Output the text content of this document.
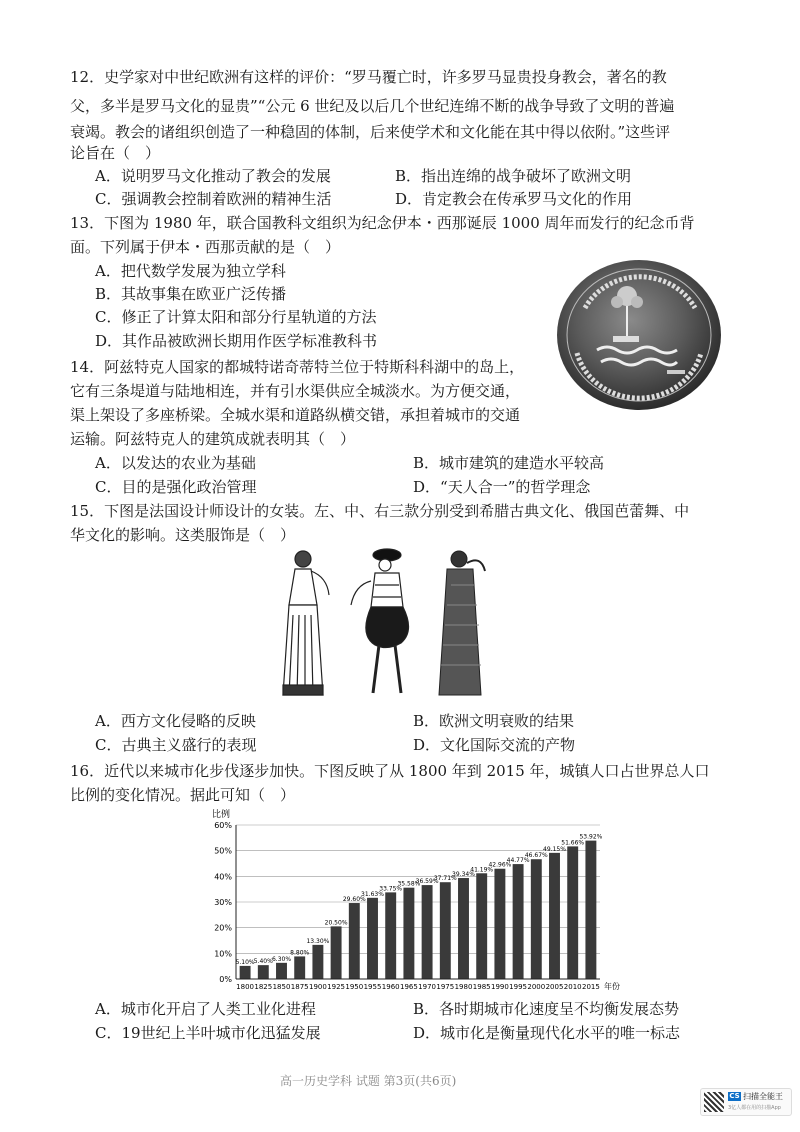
12．史学家对中世纪欧洲有这样的评价：“罗马覆亡时，许多罗马显贵投身教会，著名的教
父，多半是罗马文化的显贵”“公元 6 世纪及以后几个世纪连绵不断的战争导致了文明的普遍
衰竭。教会的诸组织创造了一种稳固的体制，后来使学术和文化能在其中得以依附。”这些评
论旨在（　）
A．说明罗马文化推动了教会的发展	B．指出连绵的战争破坏了欧洲文明
C．强调教会控制着欧洲的精神生活	D．肯定教会在传承罗马文化的作用
13．下图为 1980 年，联合国教科文组织为纪念伊本・西那诞辰 1000 周年而发行的纪念币背
面。下列属于伊本・西那贡献的是（　）
A．把代数学发展为独立学科
B．其故事集在欧亚广泛传播
C．修正了计算太阳和部分行星轨道的方法
D．其作品被欧洲长期用作医学标准教科书
14．阿兹特克人国家的都城特诺奇蒂特兰位于特斯科科湖中的岛上，
它有三条堤道与陆地相连，并有引水渠供应全城淡水。为方便交通，
渠上架设了多座桥梁。全城水渠和道路纵横交错，承担着城市的交通
运输。阿兹特克人的建筑成就表明其（　）
A．以发达的农业为基础	B．城市建筑的建造水平较高
C．目的是强化政治管理	D．“天人合一”的哲学理念
15．下图是法国设计师设计的女装。左、中、右三款分别受到希腊古典文化、俄国芭蕾舞、中
华文化的影响。这类服饰是（　）
A．西方文化侵略的反映	B．欧洲文明衰败的结果
C．古典主义盛行的表现	D．文化国际交流的产物
16．近代以来城市化步伐逐步加快。下图反映了从 1800 年到 2015 年，城镇人口占世界总人口
比例的变化情况。据此可知（　）
比例
0%
10%
20%
30%
40%
50%
60%
5.10% 5.40% 6.30%
8.80%
13.30%
20.50%
29.60%
31.63%
33.75%
35.58%
36.59%
37.71%
39.34%
41.19%
42.96%
44.77%
46.67%
49.15%
51.66%
53.92%
1800 1825 1850 1875 1900 1925 1950 1955 1960 1965 1970 1975 1980 1985 1990 1995 2000 2005 2010 2015 年份
A．城市化开启了人类工业化进程	B．各时期城市化速度呈不均衡发展态势
C．19世纪上半叶城市化迅猛发展	D．城市化是衡量现代化水平的唯一标志
高一历史学科 试题 第3页(共6页)
CS 扫描全能王
3亿人都在用的扫描App
